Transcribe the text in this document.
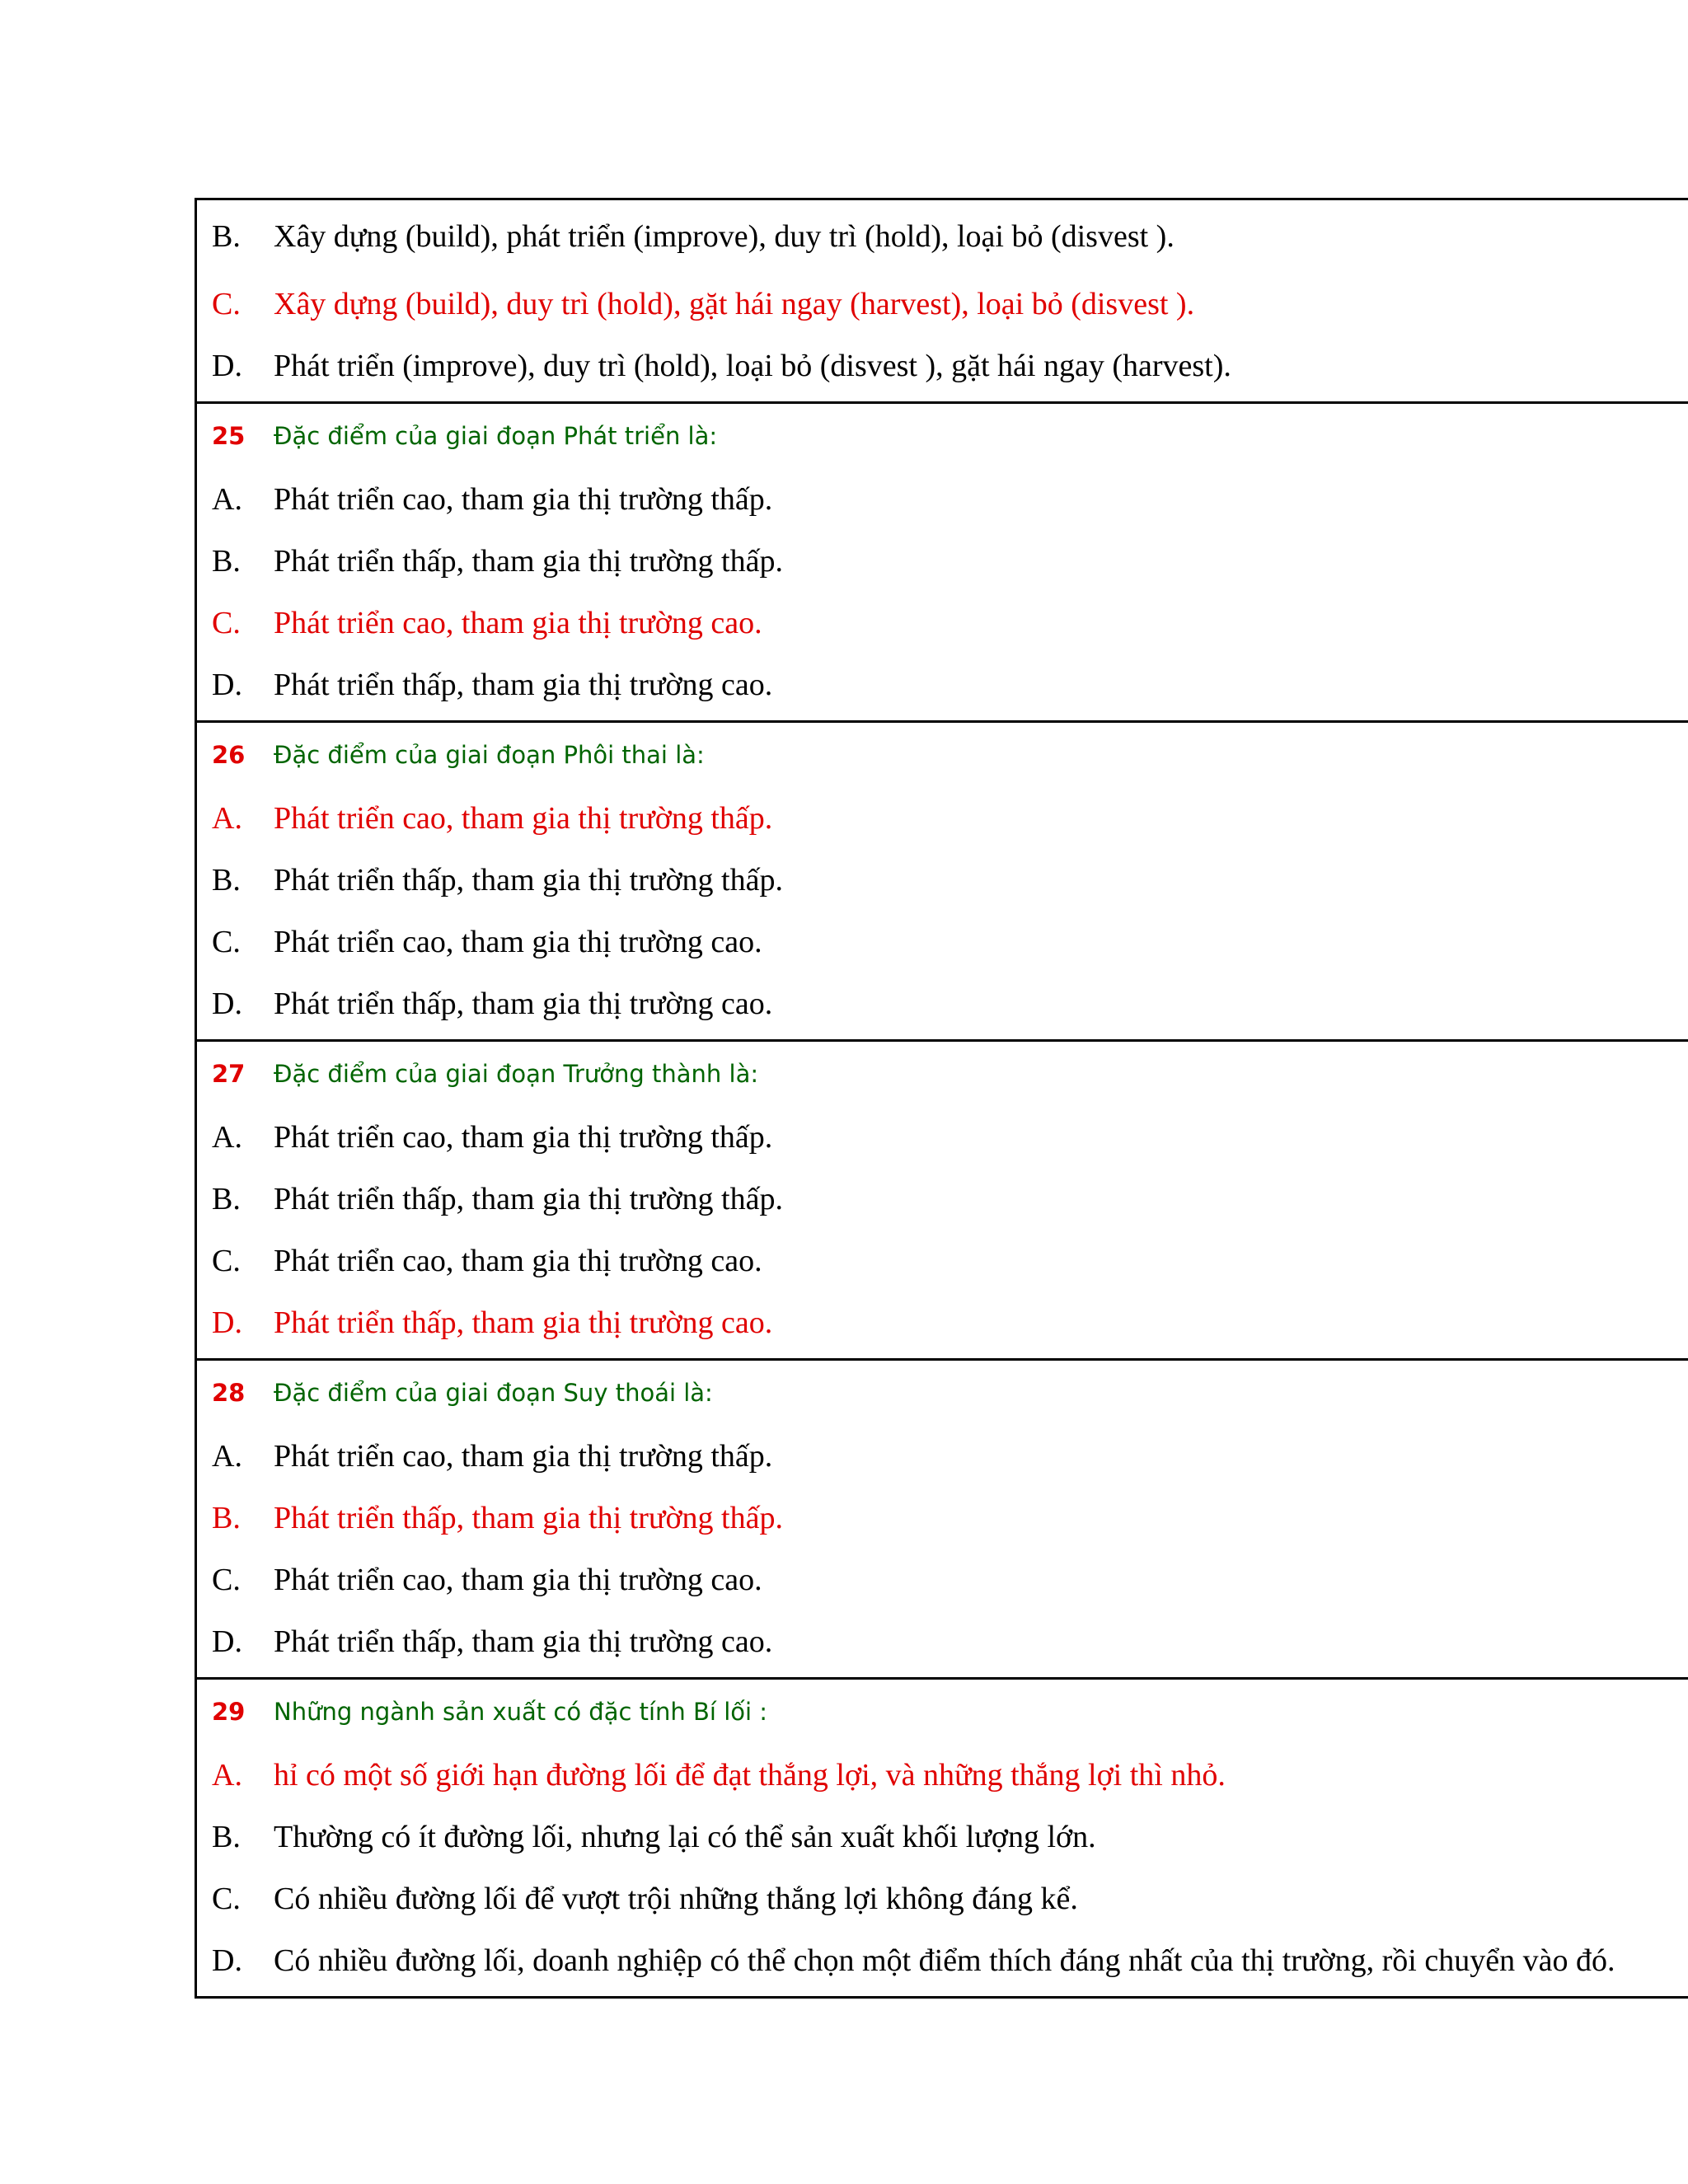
B.	Xây dựng (build), phát triển (improve), duy trì (hold), loại bỏ (disvest ).
C.	Xây dựng (build), duy trì (hold), gặt hái ngay (harvest), loại bỏ (disvest ).
D.	Phát triển (improve), duy trì (hold), loại bỏ (disvest ), gặt hái ngay (harvest).
25	Đặc điểm của giai đoạn Phát triển là:
A.	Phát triển cao, tham gia thị trường thấp.
B.	Phát triển thấp, tham gia thị trường thấp.
C.	Phát triển cao, tham gia thị trường cao.
D.	Phát triển thấp, tham gia thị trường cao.
26	Đặc điểm của giai đoạn Phôi thai là:
A.	Phát triển cao, tham gia thị trường thấp.
B.	Phát triển thấp, tham gia thị trường thấp.
C.	Phát triển cao, tham gia thị trường cao.
D.	Phát triển thấp, tham gia thị trường cao.
27	Đặc điểm của giai đoạn Trưởng thành là:
A.	Phát triển cao, tham gia thị trường thấp.
B.	Phát triển thấp, tham gia thị trường thấp.
C.	Phát triển cao, tham gia thị trường cao.
D.	Phát triển thấp, tham gia thị trường cao.
28	Đặc điểm của giai đoạn Suy thoái là:
A.	Phát triển cao, tham gia thị trường thấp.
B.	Phát triển thấp, tham gia thị trường thấp.
C.	Phát triển cao, tham gia thị trường cao.
D.	Phát triển thấp, tham gia thị trường cao.
29	Những ngành sản xuất có đặc tính Bí lối :
A.	hỉ có một số giới hạn đường lối để đạt thắng lợi, và những thắng lợi thì nhỏ.
B.	Thường có ít đường lối, nhưng lại có thể sản xuất khối lượng lớn.
C.	Có nhiều đường lối để vượt trội những thắng lợi không đáng kể.
D.	Có nhiều đường lối, doanh nghiệp có thể chọn một điểm thích đáng nhất của thị trường, rồi chuyển vào đó.
